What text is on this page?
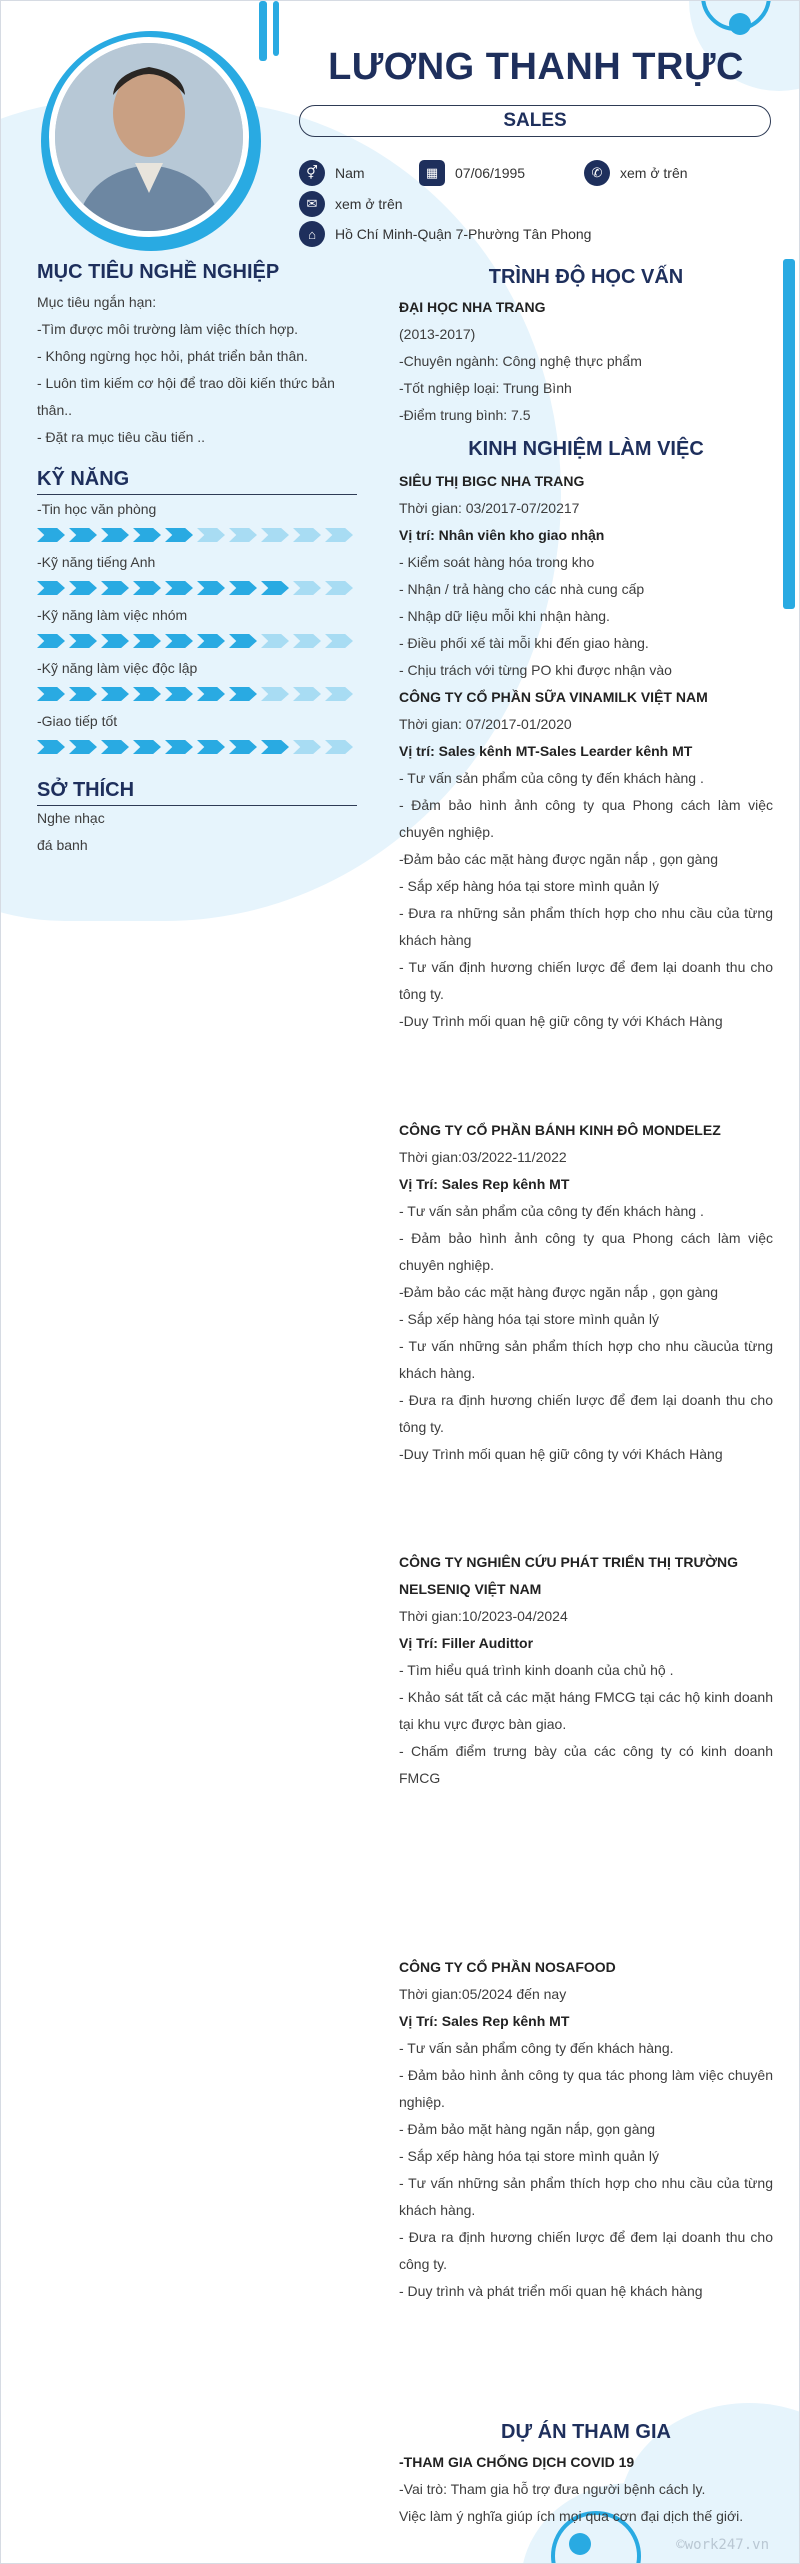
LƯƠNG THANH TRỰC
SALES
⚥	Nam	▦	07/06/1995	✆	xem ở trên
✉	xem ở trên
⌂	Hồ Chí Minh-Quận 7-Phường Tân Phong
MỤC TIÊU NGHỀ NGHIỆP
Mục tiêu ngắn hạn:
-Tìm được môi trường làm việc thích hợp.
- Không ngừng học hỏi, phát triển bản thân.
- Luôn tìm kiếm cơ hội để trao dồi kiến thức bản thân..
- Đặt ra mục tiêu cầu tiến ..
KỸ NĂNG
-Tin học văn phòng
-Kỹ năng tiếng Anh
-Kỹ năng làm việc nhóm
-Kỹ năng làm việc độc lập
-Giao tiếp tốt
SỞ THÍCH
Nghe nhạc
đá banh
TRÌNH ĐỘ HỌC VẤN
ĐẠI HỌC NHA TRANG
(2013-2017)
-Chuyên ngành: Công nghệ thực phẩm
-Tốt nghiệp loại: Trung Bình
-Điểm trung bình: 7.5
KINH NGHIỆM LÀM VIỆC
SIÊU THỊ BIGC NHA TRANG
Thời gian: 03/2017-07/20217
Vị trí: Nhân viên kho giao nhận
- Kiểm soát hàng hóa trong kho
- Nhận / trả hàng cho các nhà cung cấp
- Nhập dữ liệu mỗi khi nhận hàng.
- Điều phối xế tài mỗi khi đến giao hàng.
- Chịu trách với từng PO khi được nhận vào
CÔNG TY CỔ PHẦN SỮA VINAMILK VIỆT NAM
Thời gian: 07/2017-01/2020
Vị trí: Sales kênh MT-Sales Learder kênh MT
- Tư vấn sản phẩm của công ty đến khách hàng .
- Đảm bảo hình ảnh công ty qua Phong cách làm việc chuyên nghiệp.
-Đảm bảo các mặt hàng được ngăn nắp , gọn gàng
- Sắp xếp hàng hóa tại store mình quản lý
- Đưa ra những sản phẩm thích hợp cho nhu cầu của từng khách hàng
- Tư vấn định hương chiến lược để đem lại doanh thu cho tông ty.
-Duy Trình mối quan hệ giữ công ty với Khách Hàng
CÔNG TY CỔ PHẦN BÁNH KINH ĐÔ MONDELEZ
Thời gian:03/2022-11/2022
Vị Trí: Sales Rep kênh MT
- Tư vấn sản phẩm của công ty đến khách hàng .
- Đảm bảo hình ảnh công ty qua Phong cách làm việc chuyên nghiệp.
-Đảm bảo các mặt hàng được ngăn nắp , gọn gàng
- Sắp xếp hàng hóa tại store mình quản lý
- Tư vấn những sản phẩm thích hợp cho nhu cầucủa từng khách hàng.
- Đưa ra định hương chiến lược để đem lại doanh thu cho tông ty.
-Duy Trình mối quan hệ giữ công ty với Khách Hàng
CÔNG TY NGHIÊN CỨU PHÁT TRIỂN THỊ TRƯỜNG NELSENIQ VIỆT NAM
Thời gian:10/2023-04/2024
Vị Trí: Filler Audittor
- Tìm hiểu quá trình kinh doanh của chủ hộ .
- Khảo sát tất cả các mặt háng FMCG tại các hộ kinh doanh tại khu vực được bàn giao.
- Chấm điểm trưng bày của các công ty có kinh doanh FMCG
CÔNG TY CỔ PHẦN NOSAFOOD
Thời gian:05/2024 đến nay
Vị Trí: Sales Rep kênh MT
- Tư vấn sản phẩm công ty đến khách hàng.
- Đảm bảo hình ảnh công ty qua tác phong làm việc chuyên nghiệp.
- Đảm bảo mặt hàng ngăn nắp, gọn gàng
- Sắp xếp hàng hóa tại store mình quản lý
- Tư vấn những sản phẩm thích hợp cho nhu cầu của từng khách hàng.
- Đưa ra định hương chiến lược để đem lại doanh thu cho công ty.
- Duy trình và phát triển mối quan hệ khách hàng
DỰ ÁN THAM GIA
-THAM GIA CHỐNG DỊCH COVID 19
-Vai trò: Tham gia hỗ trợ đưa người bệnh cách ly.
Việc làm ý nghĩa giúp ích mọi qua cơn đại dịch thế giới.
©work247.vn
